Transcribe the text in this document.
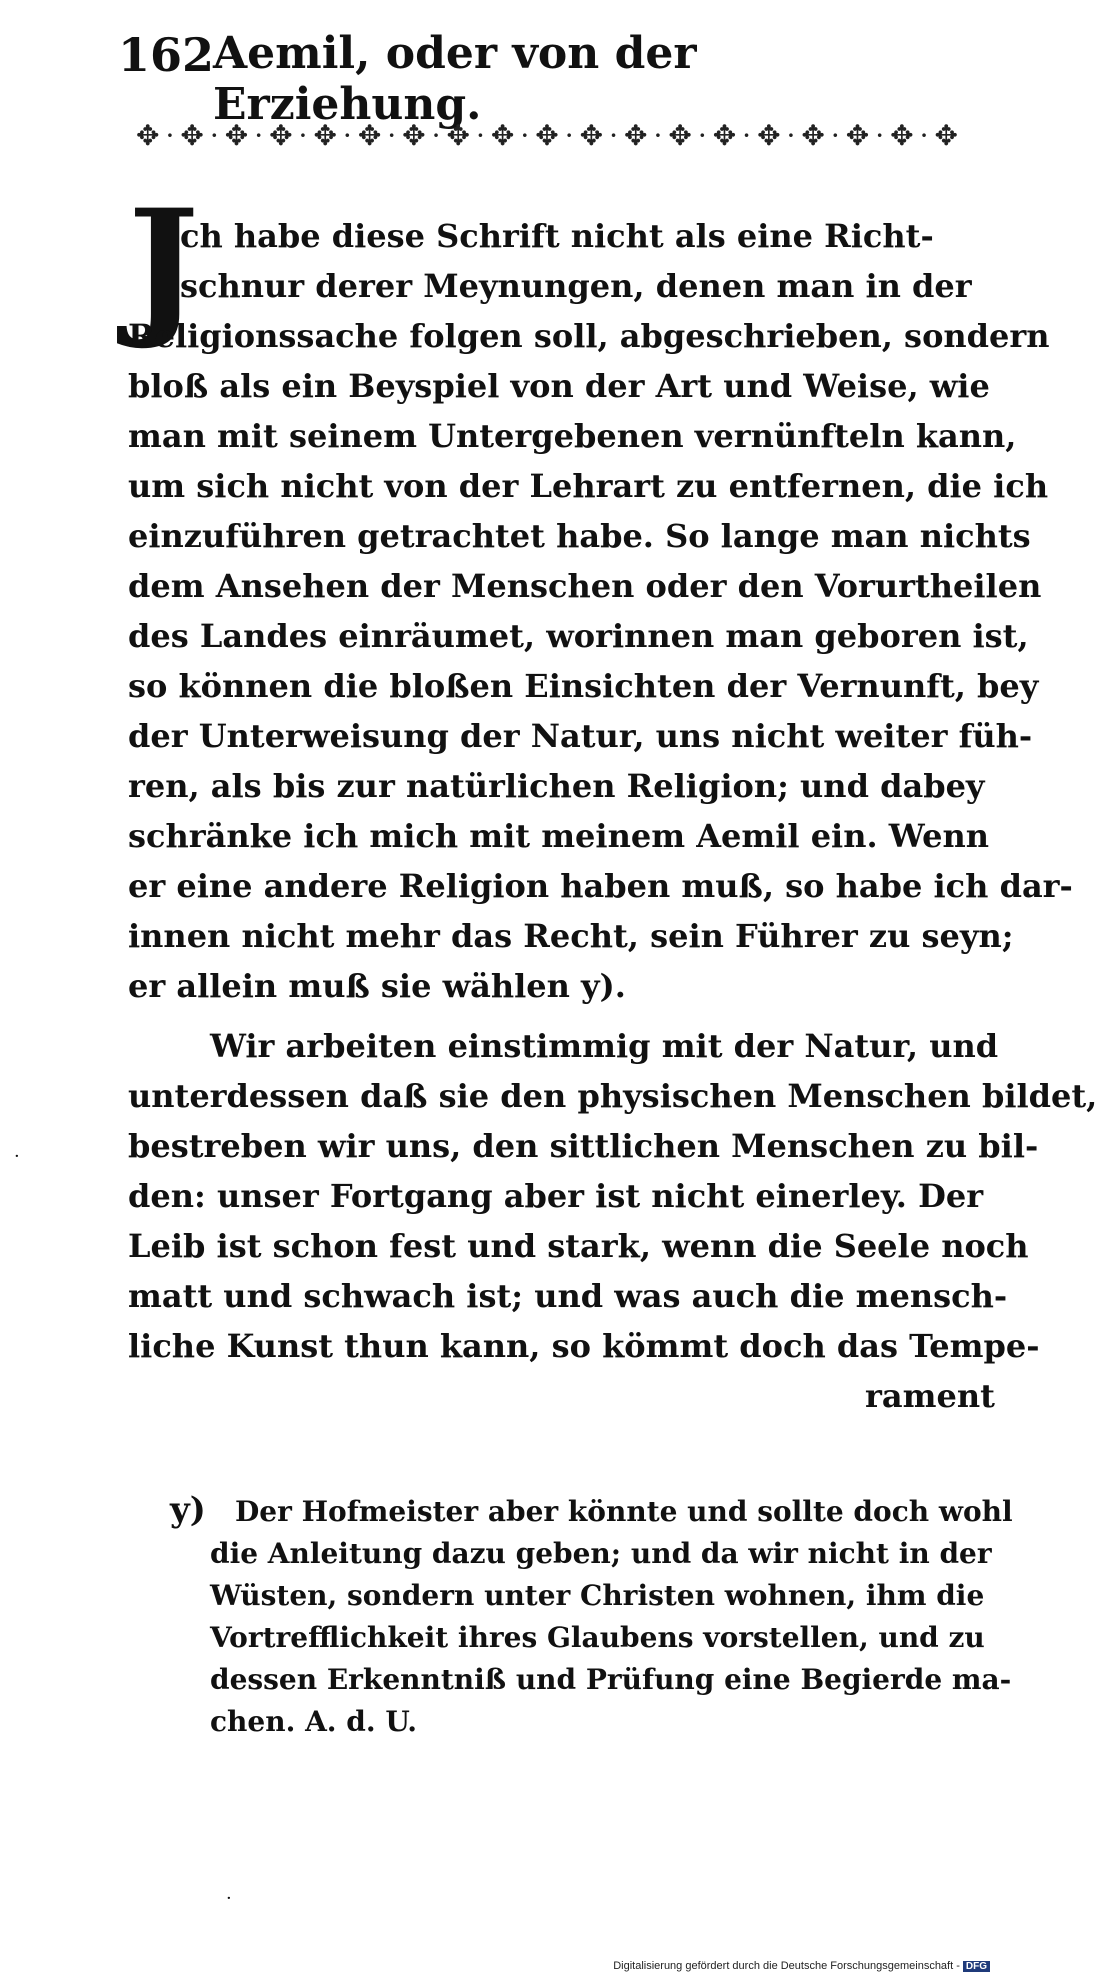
162
Aemil, oder von der Erziehung.
✥·✥·✥·✥·✥·✥·✥·✥·✥·✥·✥·✥·✥·✥·✥·✥·✥·✥·✥
J
ch habe diese Schrift nicht als eine Richt-
schnur derer Meynungen, denen man in der
Religionssache folgen soll, abgeschrieben, sondern
bloß als ein Beyspiel von der Art und Weise, wie
man mit seinem Untergebenen vernünfteln kann,
um sich nicht von der Lehrart zu entfernen, die ich
einzuführen getrachtet habe. So lange man nichts
dem Ansehen der Menschen oder den Vorurtheilen
des Landes einräumet, worinnen man geboren ist,
so können die bloßen Einsichten der Vernunft, bey
der Unterweisung der Natur, uns nicht weiter füh-
ren, als bis zur natürlichen Religion; und dabey
schränke ich mich mit meinem Aemil ein. Wenn
er eine andere Religion haben muß, so habe ich dar-
innen nicht mehr das Recht, sein Führer zu seyn;
er allein muß sie wählen y).
Wir arbeiten einstimmig mit der Natur, und
unterdessen daß sie den physischen Menschen bildet,
bestreben wir uns, den sittlichen Menschen zu bil-
den: unser Fortgang aber ist nicht einerley. Der
Leib ist schon fest und stark, wenn die Seele noch
matt und schwach ist; und was auch die mensch-
liche Kunst thun kann, so kömmt doch das Tempe-
rament
y) Der Hofmeister aber könnte und sollte doch wohl
die Anleitung dazu geben; und da wir nicht in der
Wüsten, sondern unter Christen wohnen, ihm die
Vortrefflichkeit ihres Glaubens vorstellen, und zu
dessen Erkenntniß und Prüfung eine Begierde ma-
chen. A. d. U.
·
·
Digitalisierung gefördert durch die Deutsche Forschungsgemeinschaft - DFG
